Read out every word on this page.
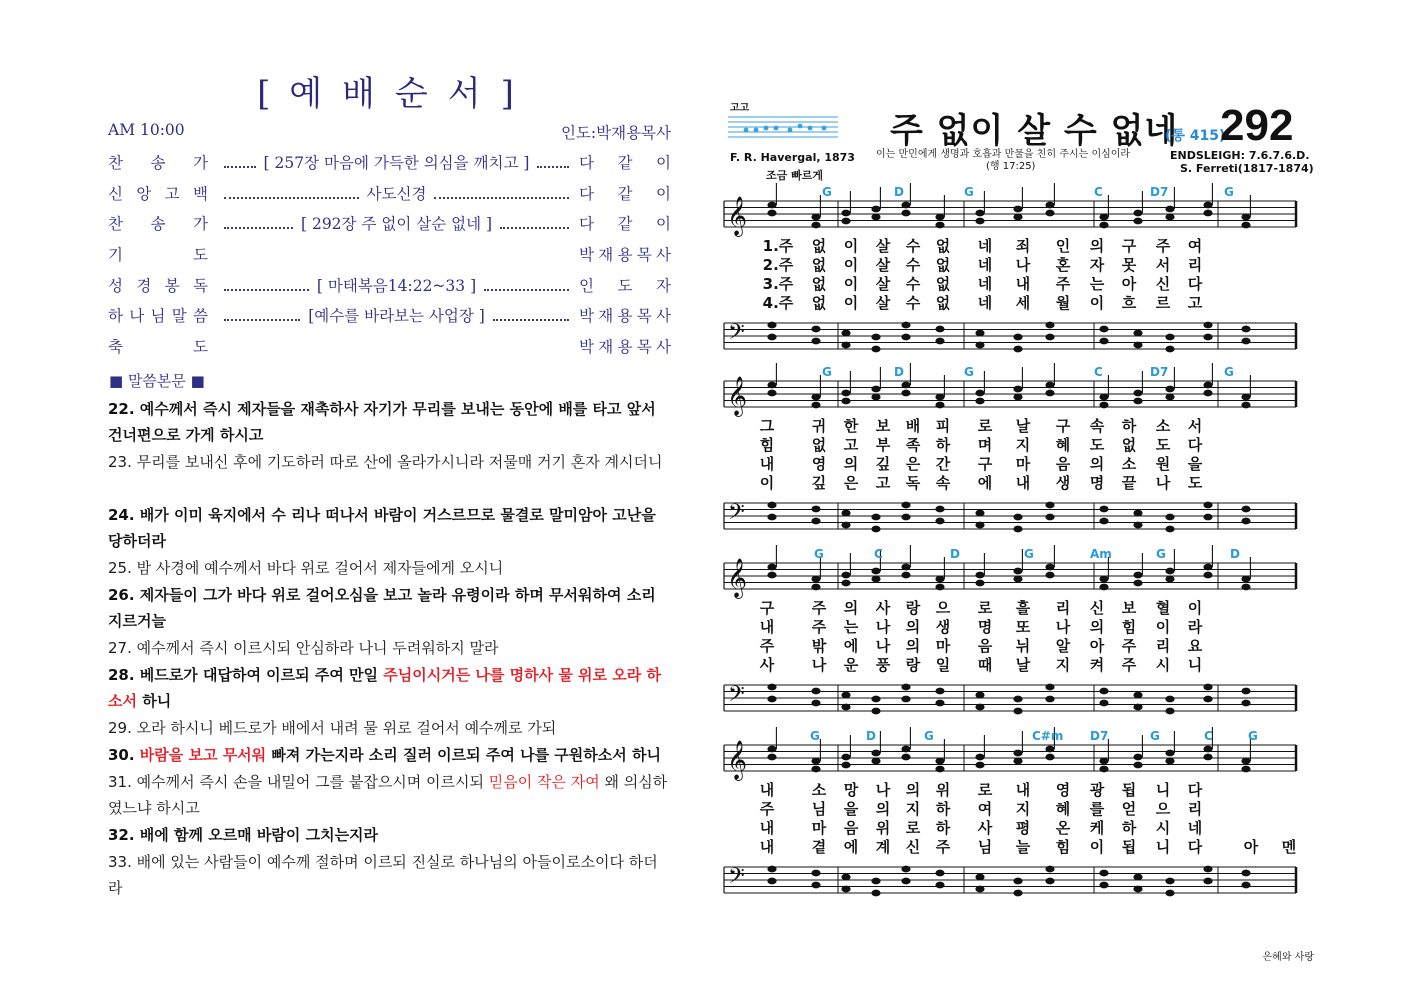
[ 예배순서]
AM 10:00	인도:박재용목사
찬 송 가	[ 257장 마음에 가득한 의심을 깨치고 ]	다 같 이
신 앙 고 백	사도신경	다 같 이
찬 송 가	[ 292장 주 없이 살순 없네 ]	다 같 이
기	도	박 재 용 목 사
성 경 봉 독	[ 마태복음14:22~33 ]	인 도 자
하 나 님 말 씀	[예수를 바라보는 사업장 ]	박 재 용 목 사
축	도	박 재 용 목 사
■ 말씀본문 ■
22. 예수께서 즉시 제자들을 재촉하사 자기가 무리를 보내는 동안에 배를 타고 앞서 건너편으로 가게 하시고
23. 무리를 보내신 후에 기도하러 따로 산에 올라가시니라 저물매 거기 혼자 계시더니
24. 배가 이미 육지에서 수 리나 떠나서 바람이 거스르므로 물결로 말미암아 고난을 당하더라
25. 밤 사경에 예수께서 바다 위로 걸어서 제자들에게 오시니
26. 제자들이 그가 바다 위로 걸어오심을 보고 놀라 유령이라 하며 무서워하여 소리 지르거늘
27. 예수께서 즉시 이르시되 안심하라 나니 두려워하지 말라
28. 베드로가 대답하여 이르되 주여 만일 주님이시거든 나를 명하사 물 위로 오라 하소서 하니
29. 오라 하시니 베드로가 배에서 내려 물 위로 걸어서 예수께로 가되
30. 바람을 보고 무서워 빠져 가는지라 소리 질러 이르되 주여 나를 구원하소서 하니
31. 예수께서 즉시 손을 내밀어 그를 붙잡으시며 이르시되 믿음이 작은 자여 왜 의심하였느냐 하시고
32. 배에 함께 오르매 바람이 그치는지라
33. 배에 있는 사람들이 예수께 절하며 이르되 진실로 하나님의 아들이로소이다 하더라
고고
F. R. Havergal, 1873
조금 빠르게
주 없이 살 수 없네
(통 415)
292
이는 만민에게 생명과 호흡과 만물을 친히 주시는 이심이라
(행 17:25)
ENDSLEIGH: 7.6.7.6.D.
S. Ferreti(1817-1874)
𝄞
𝄢
G	D	G	C	D7	G
1.주	없 이 살 수 없 네 죄 인 의 구 주 여
2.주	없 이 살 수 없 네 나 혼 자 못 서 리
3.주	없 이 살 수 없 네 내 주 는 아 신 다
4.주	없 이 살 수 없 네 세 월 이 흐 르 고
𝄞
𝄢
G	D	G	C	D7	G
그	귀 한 보 배 피 로 날 구 속 하 소 서
힘	없 고 부 족 하 며 지 혜 도 없 도 다
내	영 의 깊 은 간 구 마 음 의 소 원 을
이	깊 은 고 독 속 에 내 생 명 끝 나 도
𝄞
𝄢
G	C	D	G	Am	G	D
구	주 의 사 랑 으 로 흘 리 신 보 혈 이
내	주 는 나 의 생 명 또 나 의 힘 이 라
주	밖 에 나 의 마 음 뉘 알 아 주 리 요
사	나 운 풍 랑 일 때 날 지 켜 주 시 니
𝄞
𝄢
G	D	G	C#m D7	G	C	G
내	소 망 나 의 위 로 내 영 광 됩 니 다
주	님 을 의 지 하 여 지 혜 를 얻 으 리
내	마 음 위 로 하 사 평 온 케 하 시 네
내	곁 에 계 신 주 님 늘 힘 이 됩 니 다	아 멘
은혜와 사랑
